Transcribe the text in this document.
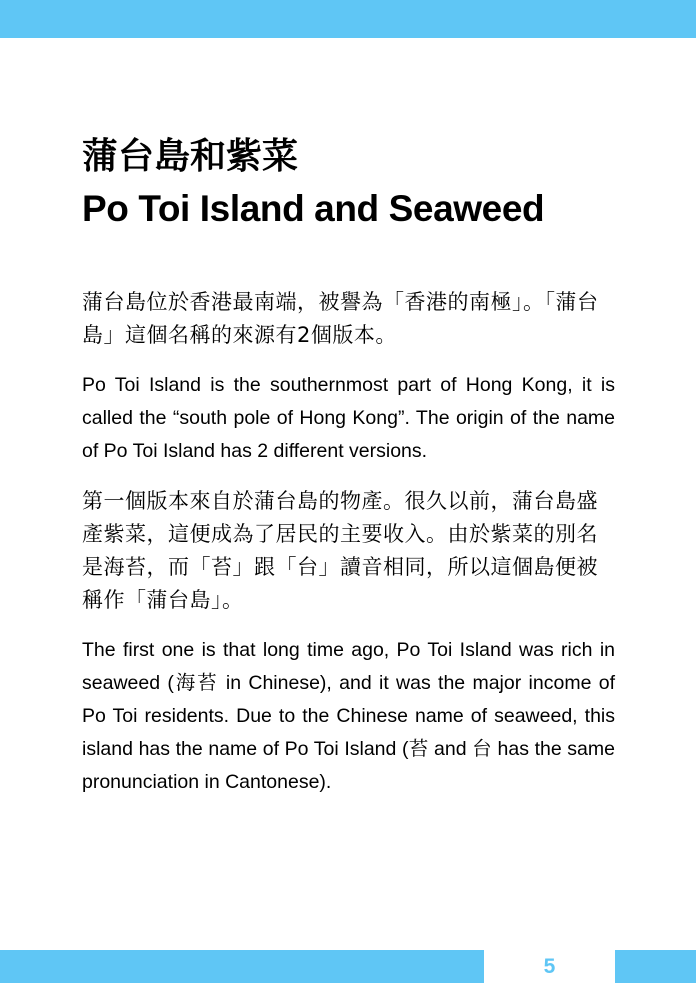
蒲台島和紫菜
Po Toi Island and Seaweed

蒲台島位於香港最南端，被譽為「香港的南極」。「蒲台島」這個名稱的來源有2個版本。

Po Toi Island is the southernmost part of Hong Kong, it is called the “south pole of Hong Kong”. The origin of the name of Po Toi Island has 2 different versions.

第一個版本來自於蒲台島的物產。很久以前，蒲台島盛產紫菜，這便成為了居民的主要收入。由於紫菜的別名是海苔，而「苔」跟「台」讀音相同，所以這個島便被稱作「蒲台島」。

The first one is that long time ago, Po Toi Island was rich in seaweed (海苔 in Chinese), and it was the major income of Po Toi residents. Due to the Chinese name of seaweed, this island has the name of Po Toi Island (苔 and 台 has the same pronunciation in Cantonese).

5
